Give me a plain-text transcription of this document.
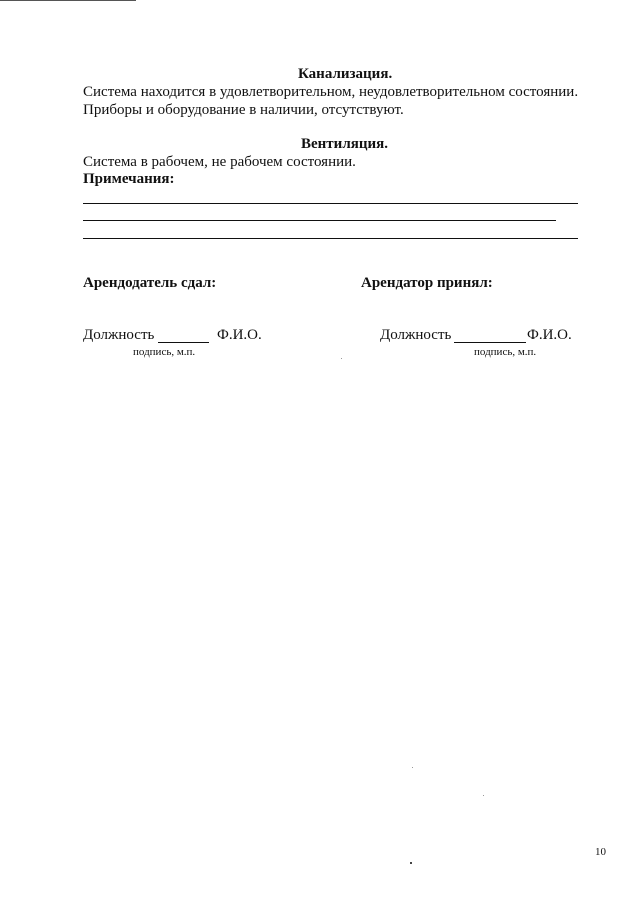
Канализация.
Система находится в удовлетворительном, неудовлетворительном состоянии.
Приборы и оборудование в наличии, отсутствуют.
Вентиляция.
Система в рабочем, не рабочем состоянии.
Примечания:
Арендодатель сдал:
Должность	Ф.И.О.
подпись, м.п.
Арендатор принял:
Должность	Ф.И.О.
подпись, м.п.
10
